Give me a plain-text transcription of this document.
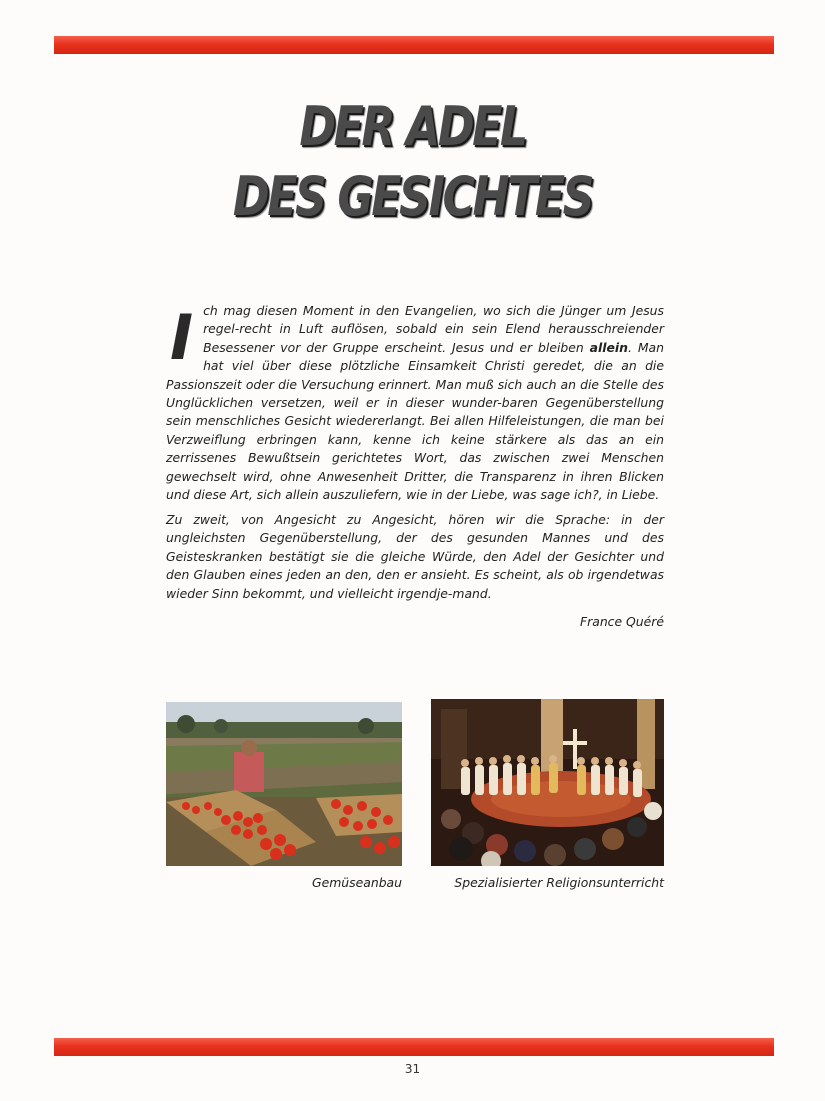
DER ADEL
DES GESICHTES
Ich mag diesen Moment in den Evangelien, wo sich die Jünger um Jesus regel-recht in Luft auflösen, sobald ein sein Elend herausschreiender Besessener vor der Gruppe erscheint. Jesus und er bleiben allein. Man hat viel über diese plötzliche Einsamkeit Christi geredet, die an die Passionszeit oder die Versuchung erinnert. Man muß sich auch an die Stelle des Unglücklichen versetzen, weil er in dieser wunder-baren Gegenüberstellung sein menschliches Gesicht wiedererlangt. Bei allen Hilfeleistungen, die man bei Verzweiflung erbringen kann, kenne ich keine stärkere als das an ein zerrissenes Bewußtsein gerichtetes Wort, das zwischen zwei Menschen gewechselt wird, ohne Anwesenheit Dritter, die Transparenz in ihren Blicken und diese Art, sich allein auszuliefern, wie in der Liebe, was sage ich?, in Liebe.
Zu zweit, von Angesicht zu Angesicht, hören wir die Sprache: in der ungleichsten Gegenüberstellung, der des gesunden Mannes und des Geisteskranken bestätigt sie die gleiche Würde, den Adel der Gesichter und den Glauben eines jeden an den, den er ansieht. Es scheint, als ob irgendetwas wieder Sinn bekommt, und vielleicht irgendje-mand.
France Quéré
Gemüseanbau	Spezialisierter Religionsunterricht
31
